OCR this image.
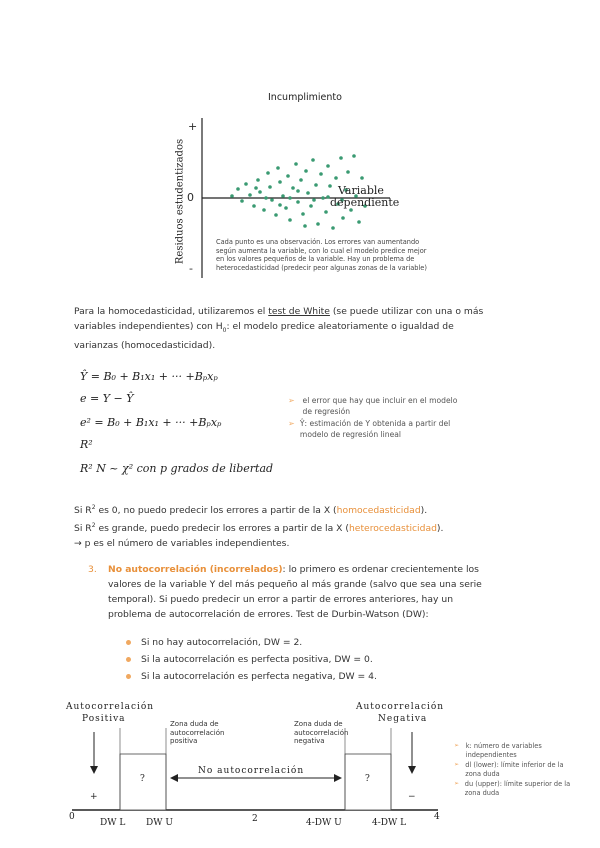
Incumplimiento
Residuos estudentizados
+
0
-
Variable
dependiente
Cada punto es una observación. Los errores van aumentando según aumenta la variable, con lo cual el modelo predice mejor en los valores pequeños de la variable. Hay un problema de heterocedasticidad (predecir peor algunas zonas de la variable)
Para la homocedasticidad, utilizaremos el test de White (se puede utilizar con una o más
variables independientes) con $H_0$: el modelo predice aleatoriamente o igualdad de
varianzas (homocedasticidad).
Ŷ = B₀ + B₁x₁ + ··· +Bₚxₚ
e = Y − Ŷ
e² = B₀ + B₁x₁ + ··· +Bₚxₚ
R²
R² N ~ χ² con p grados de libertad
➢	el error que hay que incluir en el modelo de regresión
➢ Ŷ: estimación de Y obtenida a partir del modelo de regresión lineal
Si $R^2$ es 0, no puedo predecir los errores a partir de la X (homocedasticidad).
Si $R^2$ es grande, puedo predecir los errores a partir de la X (heterocedasticidad).
→ p es el número de variables independientes.
3.	No autocorrelación (incorrelados): lo primero es ordenar crecientemente los
valores de la variable Y del más pequeño al más grande (salvo que sea una serie
temporal). Si puedo predecir un error a partir de errores anteriores, hay un
problema de autocorrelación de errores. Test de Durbin-Watson (DW):
Si no hay autocorrelación, DW = 2.
Si la autocorrelación es perfecta positiva, DW = 0.
Si la autocorrelación es perfecta negativa, DW = 4.
Autocorrelación
Positiva
Autocorrelación
Negativa
Zona duda de autocorrelación positiva
Zona duda de autocorrelación negativa
No autocorrelación
?	?
+	−
0
DW L DW U	2	4-DW U	4-DW L
4
➢	k: número de variables independientes
➢ dl (lower): límite inferior de la zona duda
➢ du (upper): límite superior de la zona duda
